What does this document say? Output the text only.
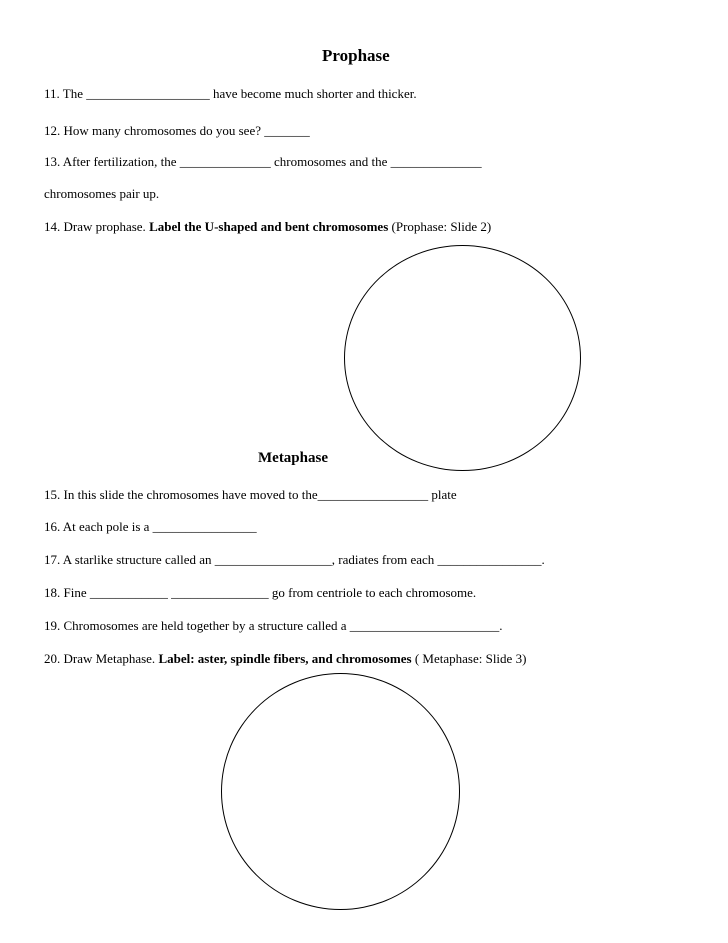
Prophase
11. The ___________________ have become much shorter and thicker.
12. How many chromosomes do you see? _______
13. After fertilization, the ______________ chromosomes and the ______________
chromosomes pair up.
14. Draw prophase. Label the U-shaped and bent chromosomes (Prophase: Slide 2)
Metaphase
15. In this slide the chromosomes have moved to the_________________ plate
16. At each pole is a ________________
17. A starlike structure called an __________________, radiates from each ________________.
18. Fine ____________ _______________ go from centriole to each chromosome.
19. Chromosomes are held together by a structure called a _______________________.
20. Draw Metaphase. Label: aster, spindle fibers, and chromosomes ( Metaphase: Slide 3)
